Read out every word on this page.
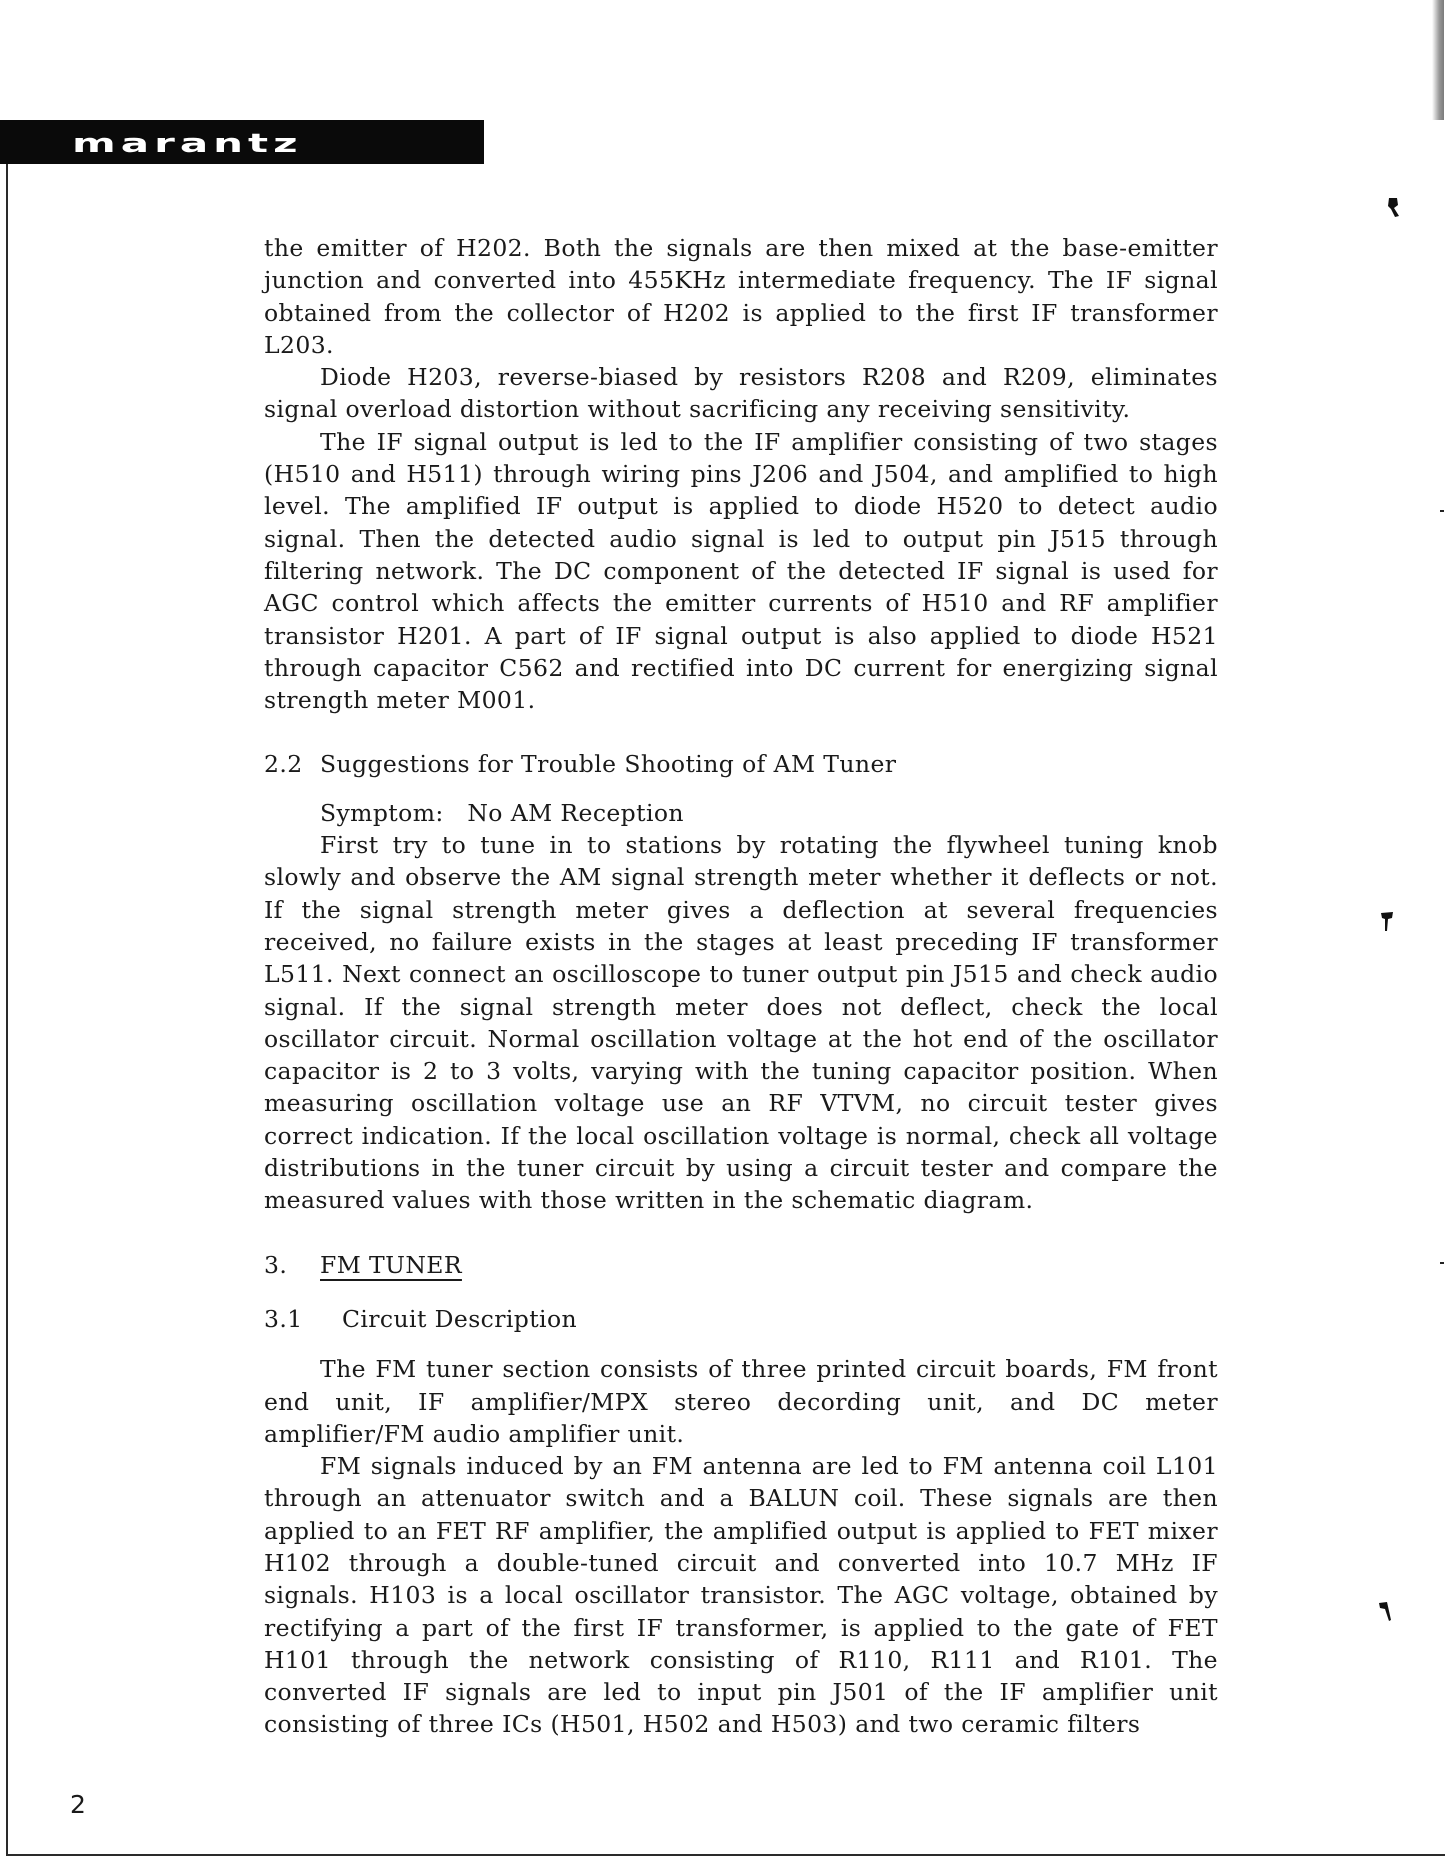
marantz

the emitter of H202. Both the signals are then mixed at the base-emitter junction and converted into 455KHz intermediate frequency. The IF signal obtained from the collector of H202 is applied to the first IF transformer L203.

Diode H203, reverse-biased by resistors R208 and R209, eliminates signal overload distortion without sacrificing any receiving sensitivity.

The IF signal output is led to the IF amplifier consisting of two stages (H510 and H511) through wiring pins J206 and J504, and amplified to high level. The amplified IF output is applied to diode H520 to detect audio signal. Then the detected audio signal is led to output pin J515 through filtering network. The DC component of the detected IF signal is used for AGC control which affects the emitter currents of H510 and RF amplifier transistor H201. A part of IF signal output is also applied to diode H521 through capacitor C562 and rectified into DC current for energizing signal strength meter M001.

2.2 Suggestions for Trouble Shooting of AM Tuner

Symptom: No AM Reception

First try to tune in to stations by rotating the flywheel tuning knob slowly and observe the AM signal strength meter whether it deflects or not. If the signal strength meter gives a deflection at several frequencies received, no failure exists in the stages at least preceding IF transformer L511. Next connect an oscilloscope to tuner output pin J515 and check audio signal. If the signal strength meter does not deflect, check the local oscillator circuit. Normal oscillation voltage at the hot end of the oscillator capacitor is 2 to 3 volts, varying with the tuning capacitor position. When measuring oscillation voltage use an RF VTVM, no circuit tester gives correct indication. If the local oscillation voltage is normal, check all voltage distributions in the tuner circuit by using a circuit tester and compare the measured values with those written in the schematic diagram.

3. FM TUNER

3.1 Circuit Description

The FM tuner section consists of three printed circuit boards, FM front end unit, IF amplifier/MPX stereo decording unit, and DC meter amplifier/FM audio amplifier unit.

FM signals induced by an FM antenna are led to FM antenna coil L101 through an attenuator switch and a BALUN coil. These signals are then applied to an FET RF amplifier, the amplified output is applied to FET mixer H102 through a double-tuned circuit and converted into 10.7 MHz IF signals. H103 is a local oscillator transistor. The AGC voltage, obtained by rectifying a part of the first IF transformer, is applied to the gate of FET H101 through the network consisting of R110, R111 and R101. The converted IF signals are led to input pin J501 of the IF amplifier unit consisting of three ICs (H501, H502 and H503) and two ceramic filters

2
